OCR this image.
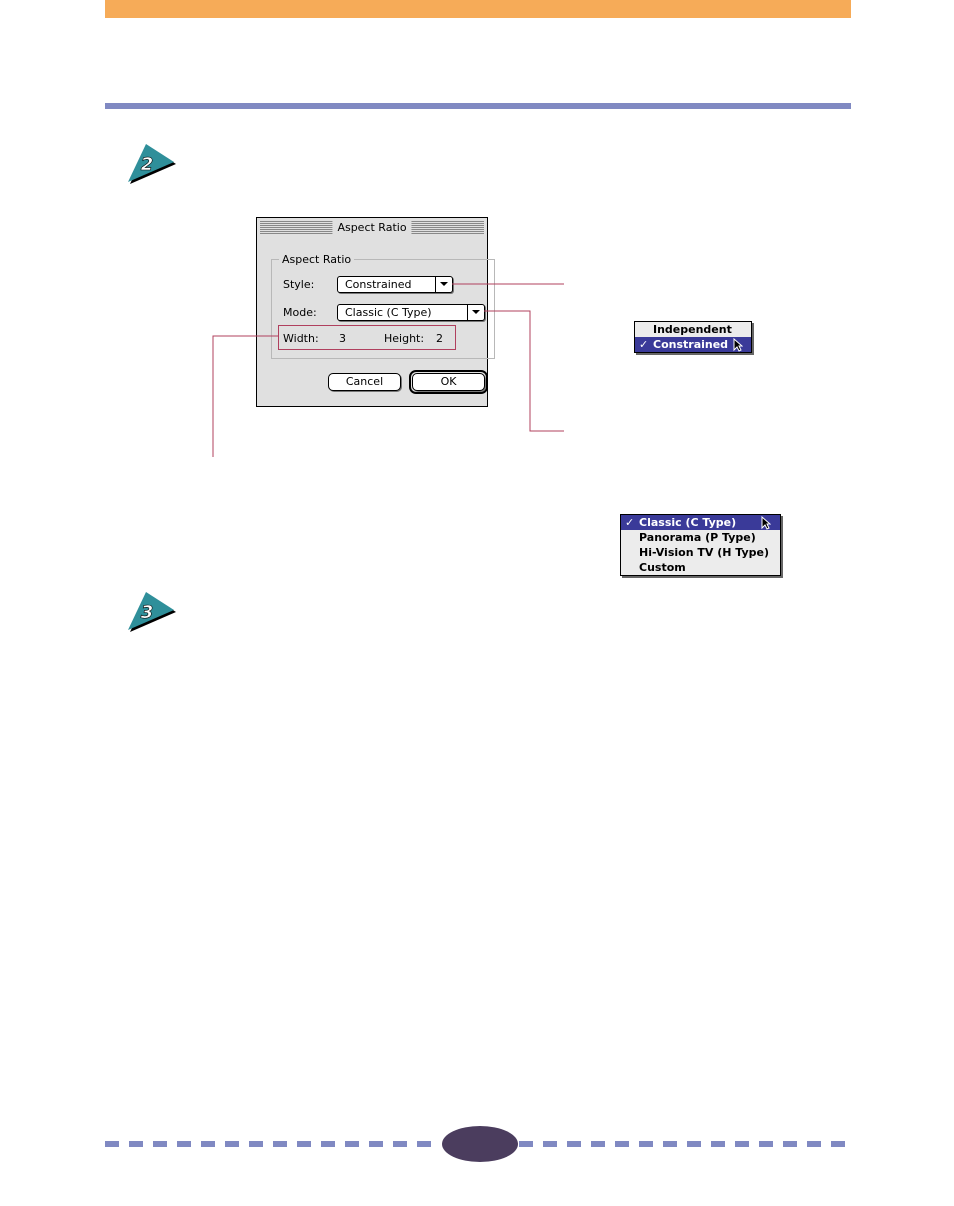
2
Aspect Ratio
Aspect Ratio
Style:	Constrained
Mode:	Classic (C Type)
Width: 3	Height: 2
Cancel	OK
Independent
✓ Constrained
✓ Classic (C Type)
Panorama (P Type)
Hi-Vision TV (H Type)
Custom
3
